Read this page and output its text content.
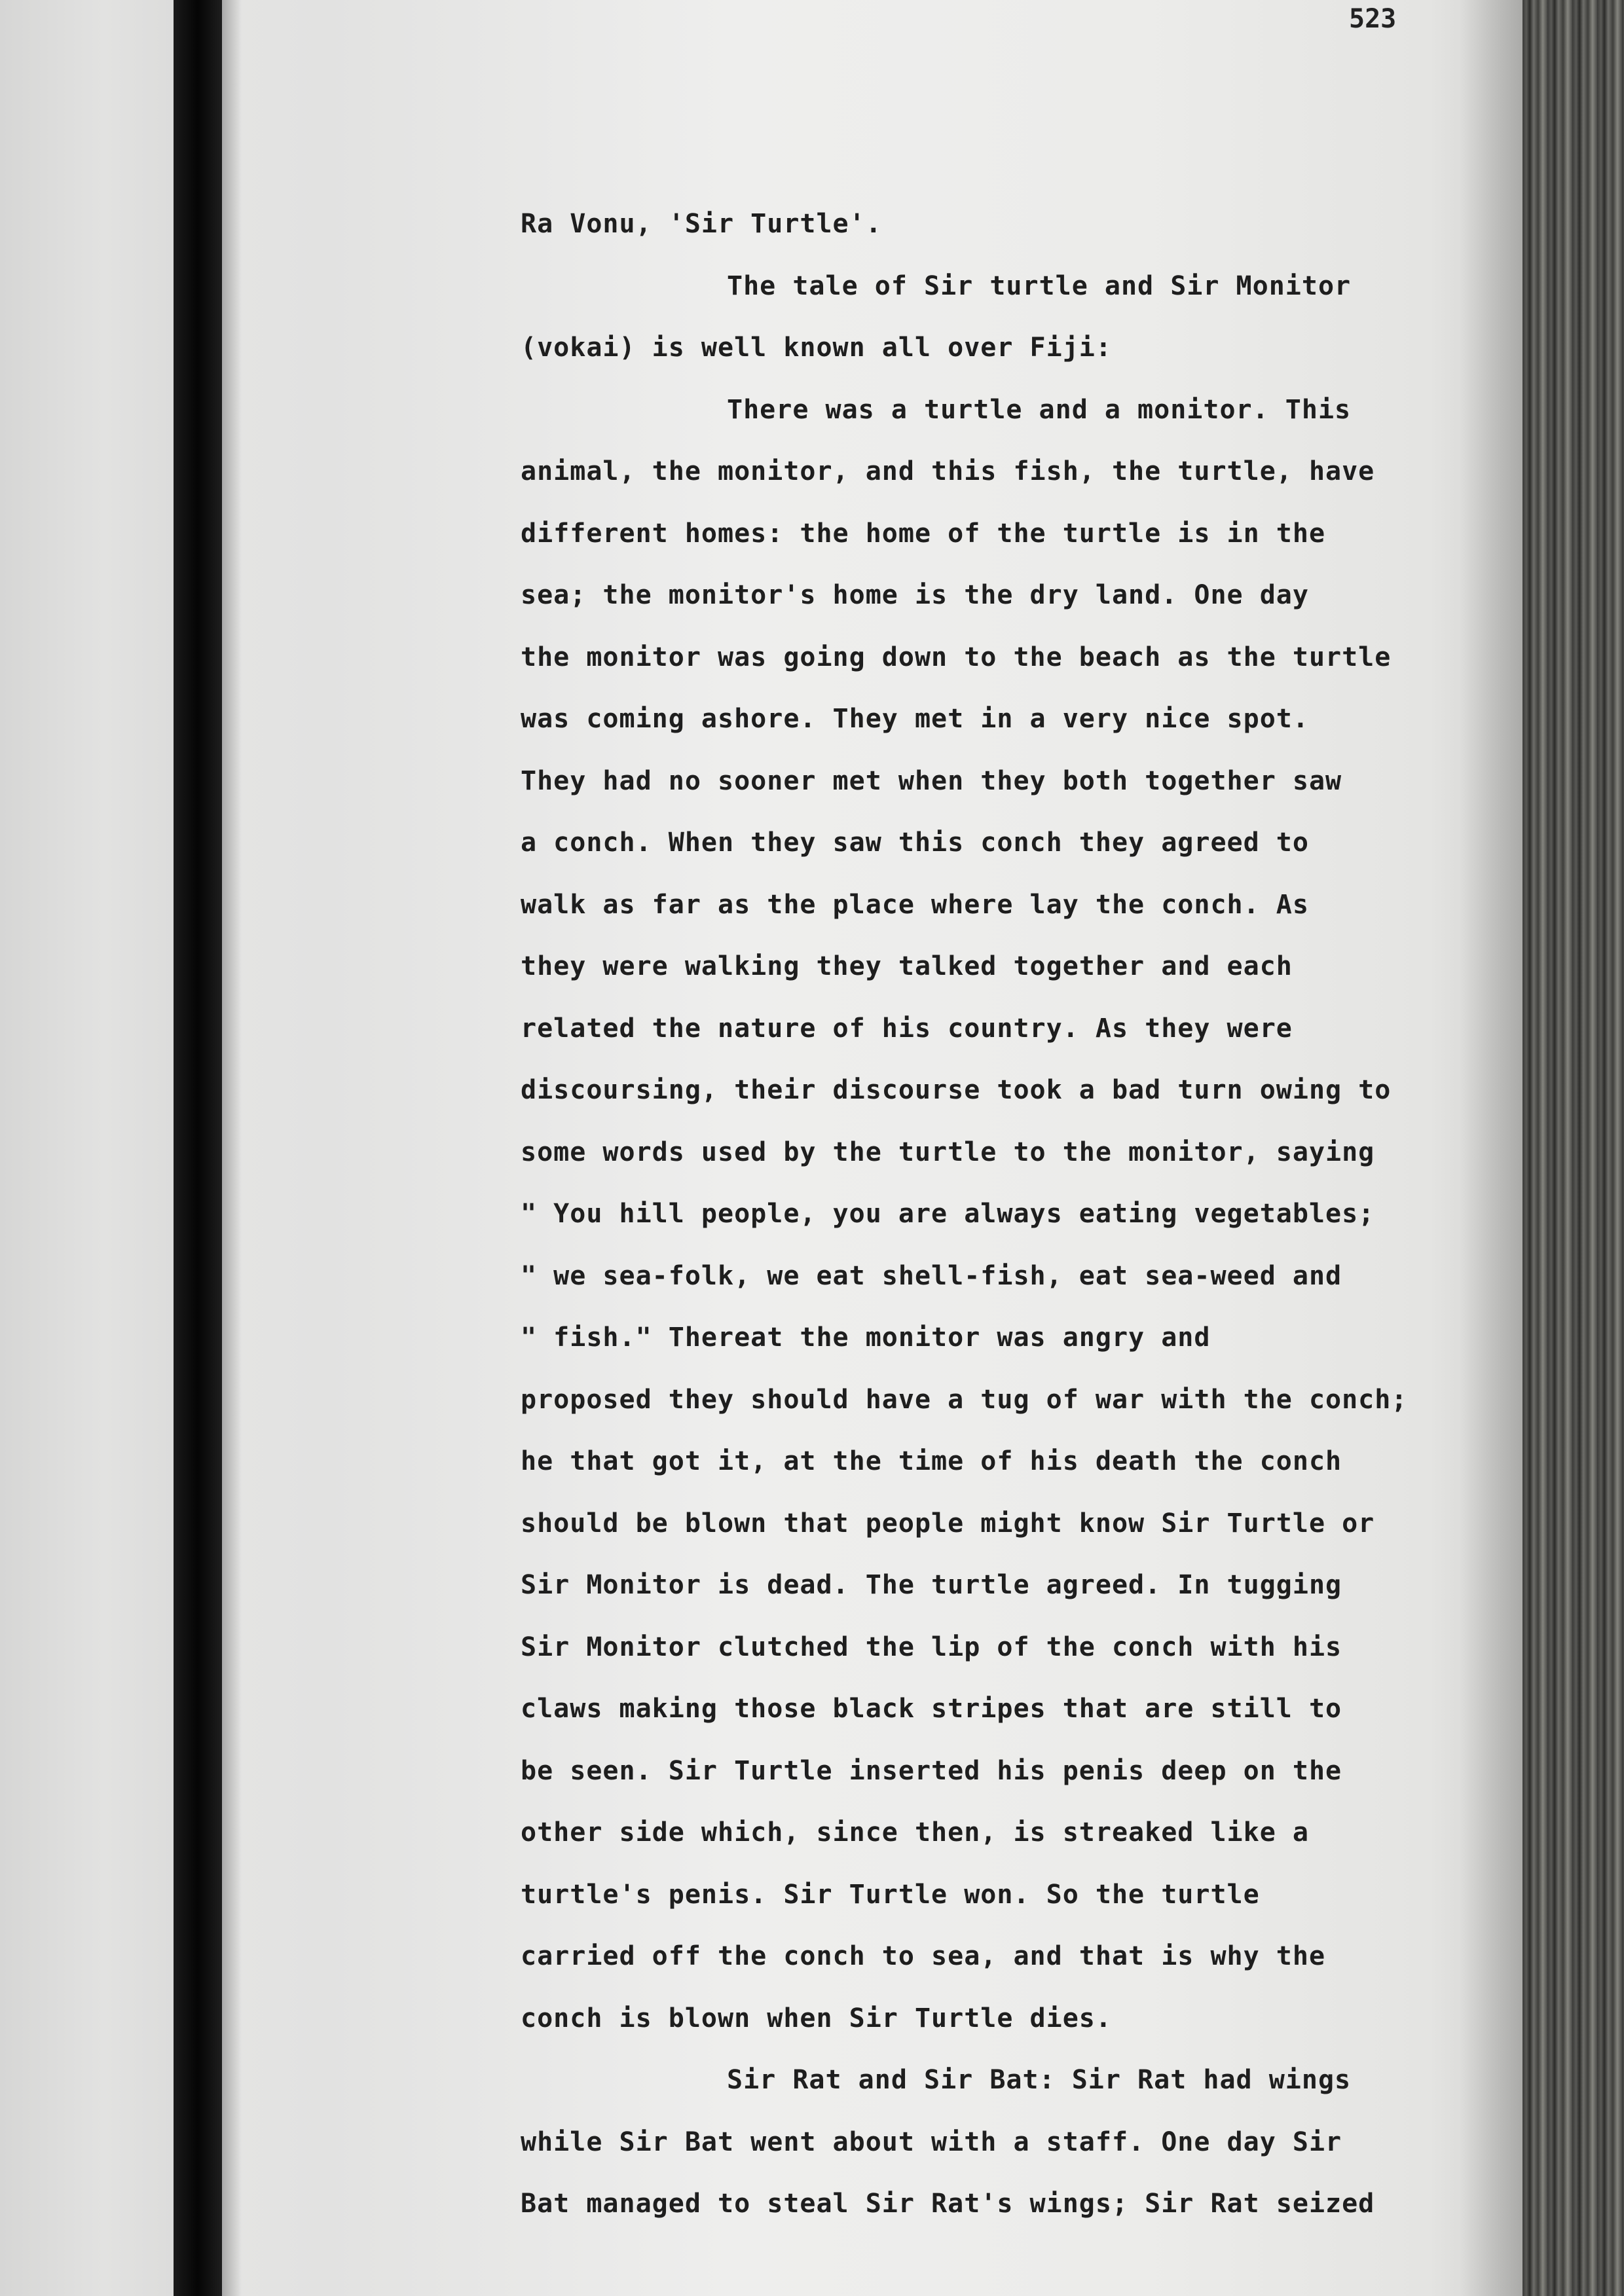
523

Ra Vonu, 'Sir Turtle'.
The tale of Sir turtle and Sir Monitor
(vokai) is well known all over Fiji:
There was a turtle and a monitor. This
animal, the monitor, and this fish, the turtle, have
different homes: the home of the turtle is in the
sea; the monitor's home is the dry land. One day
the monitor was going down to the beach as the turtle
was coming ashore. They met in a very nice spot.
They had no sooner met when they both together saw
a conch. When they saw this conch they agreed to
walk as far as the place where lay the conch. As
they were walking they talked together and each
related the nature of his country. As they were
discoursing, their discourse took a bad turn owing to
some words used by the turtle to the monitor, saying
" You hill people, you are always eating vegetables;
" we sea-folk, we eat shell-fish, eat sea-weed and
" fish." Thereat the monitor was angry and
proposed they should have a tug of war with the conch;
he that got it, at the time of his death the conch
should be blown that people might know Sir Turtle or
Sir Monitor is dead. The turtle agreed. In tugging
Sir Monitor clutched the lip of the conch with his
claws making those black stripes that are still to
be seen. Sir Turtle inserted his penis deep on the
other side which, since then, is streaked like a
turtle's penis. Sir Turtle won. So the turtle
carried off the conch to sea, and that is why the
conch is blown when Sir Turtle dies.
Sir Rat and Sir Bat: Sir Rat had wings
while Sir Bat went about with a staff. One day Sir
Bat managed to steal Sir Rat's wings; Sir Rat seized
